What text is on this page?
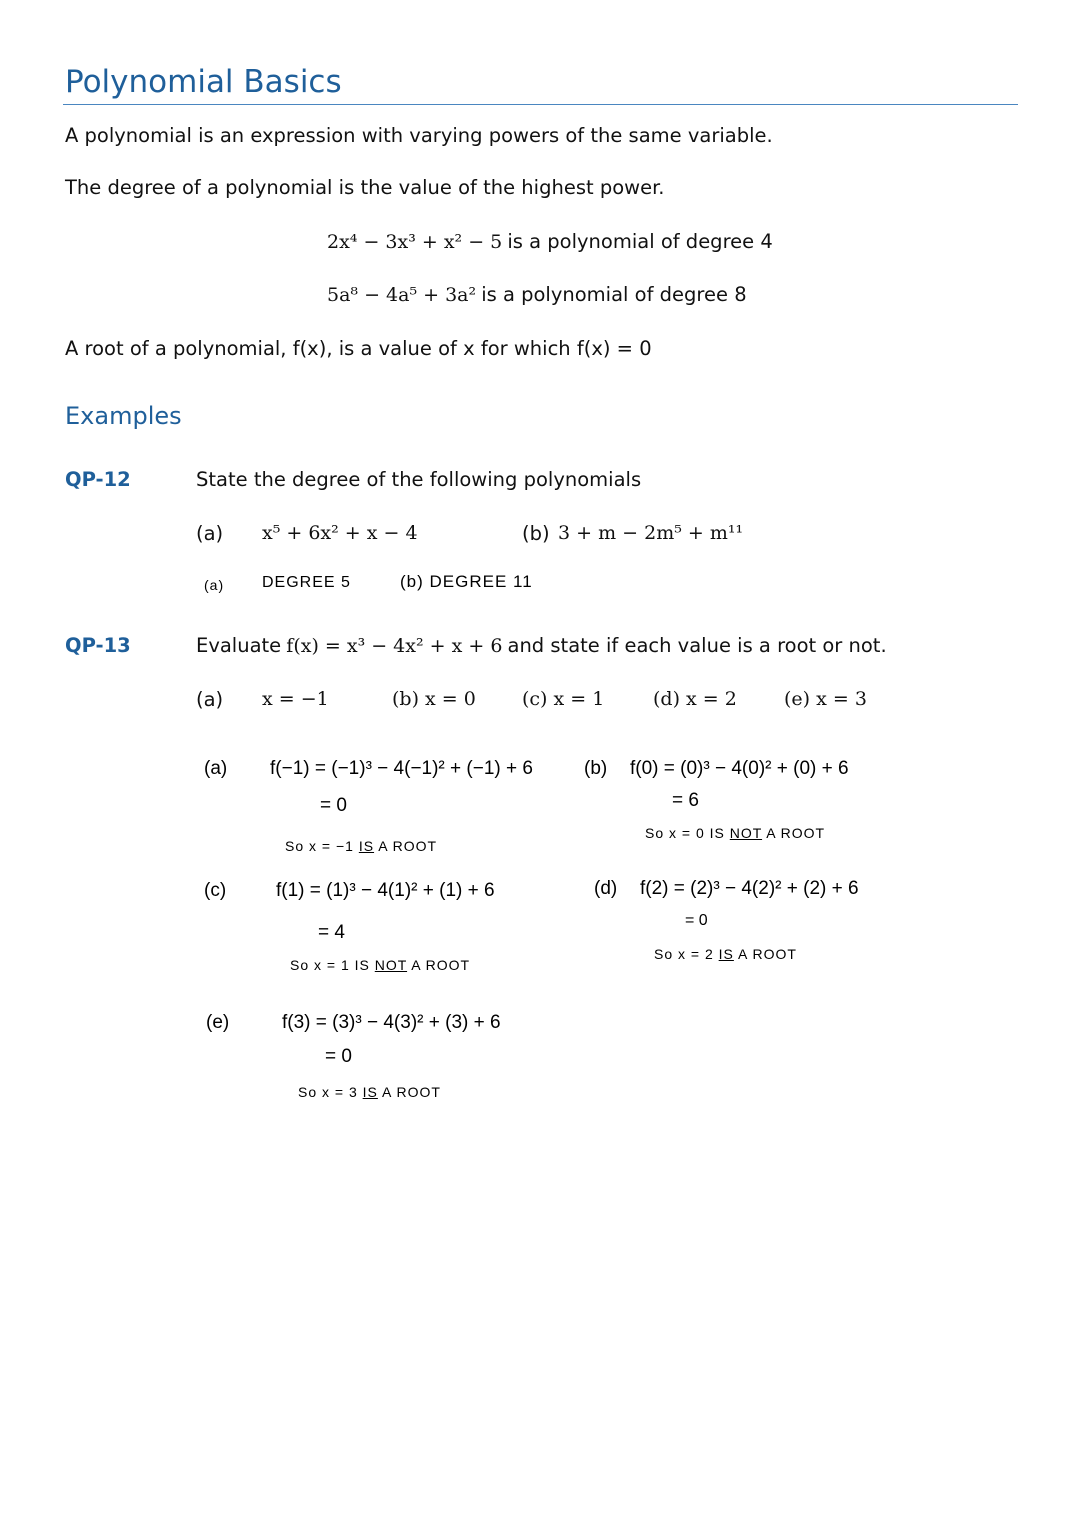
Polynomial Basics
A polynomial is an expression with varying powers of the same variable.
The degree of a polynomial is the value of the highest power.
2x⁴ − 3x³ + x² − 5 is a polynomial of degree 4
5a⁸ − 4a⁵ + 3a² is a polynomial of degree 8
A root of a polynomial, f(x), is a value of x for which f(x) = 0
Examples
QP-12	State the degree of the following polynomials
(a) x⁵ + 6x² + x − 4	(b) 3 + m − 2m⁵ + m¹¹
(a) DEGREE 5	(b) DEGREE 11
QP-13	Evaluate f(x) = x³ − 4x² + x + 6 and state if each value is a root or not.
(a) x = −1	(b) x = 0 (c) x = 1	(d) x = 2 (e) x = 3
(a) f(−1) = (−1)³ − 4(−1)² + (−1) + 6
= 0
So x = −1 IS A ROOT
(b) f(0) = (0)³ − 4(0)² + (0) + 6
= 6
So x = 0 IS NOT A ROOT
(c)	f(1) = (1)³ − 4(1)² + (1) + 6
= 4
So x = 1 IS NOT A ROOT
(d) f(2) = (2)³ − 4(2)² + (2) + 6
= 0
So x = 2 IS A ROOT
(e)	f(3) = (3)³ − 4(3)² + (3) + 6
= 0
So x = 3 IS A ROOT
